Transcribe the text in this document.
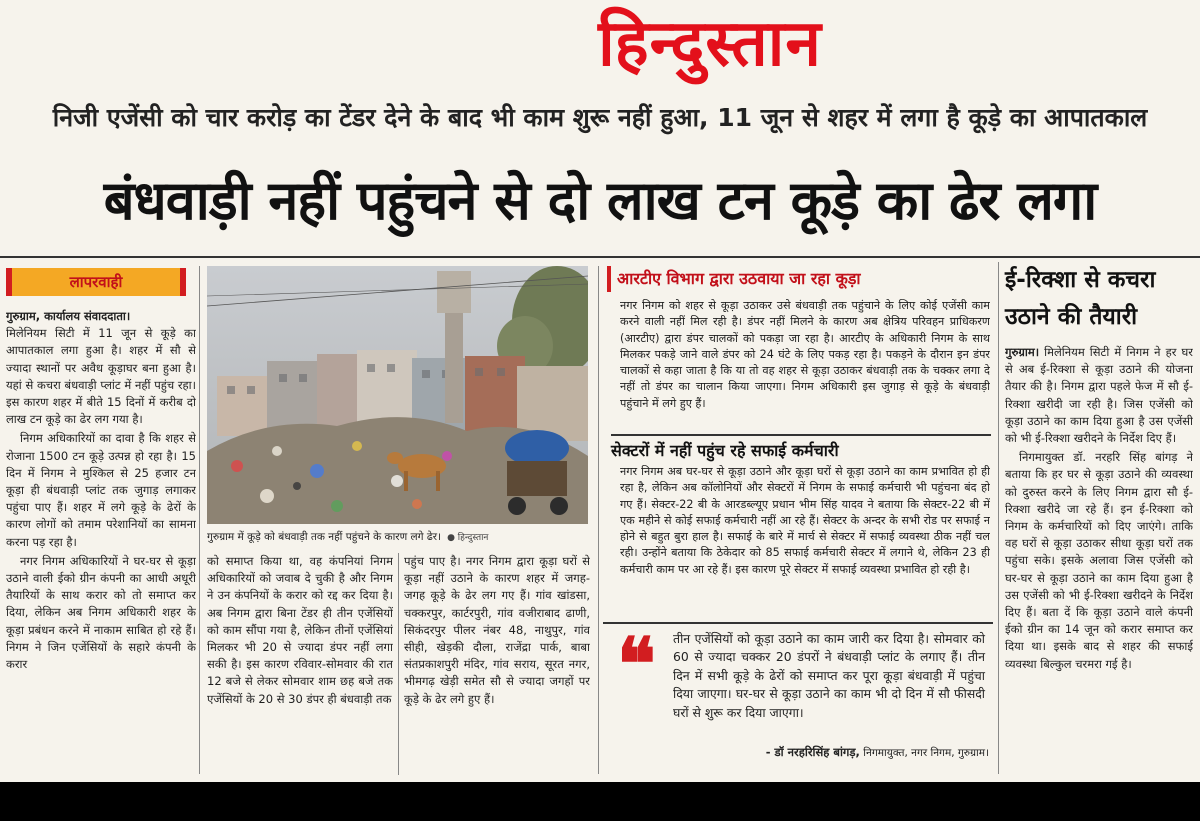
हिन्दुस्तान
निजी एजेंसी को चार करोड़ का टेंडर देने के बाद भी काम शुरू नहीं हुआ, 11 जून से शहर में लगा है कूड़े का आपातकाल
बंधवाड़ी नहीं पहुंचने से दो लाख टन कूड़े का ढेर लगा
लापरवाही

गुरुग्राम, कार्यालय संवाददाता।
मिलेनियम सिटी में 11 जून से कूड़े का आपातकाल लगा हुआ है। शहर में सौ से ज्यादा स्थानों पर अवैध कूड़ाघर बना हुआ है। यहां से कचरा बंधवाड़ी प्लांट में नहीं पहुंच रहा। इस कारण शहर में बीते 15 दिनों में करीब दो लाख टन कूड़े का ढेर लग गया है।

निगम अधिकारियों का दावा है कि शहर से रोजाना 1500 टन कूड़े उत्पन्न हो रहा है। 15 दिन में निगम ने मुश्किल से 25 हजार टन कूड़ा ही बंधवाड़ी प्लांट तक जुगाड़ लगाकर पहुंचा पाए हैं। शहर में लगे कूड़े के ढेरों के कारण लोगों को तमाम परेशानियों का सामना करना पड़ रहा है।

नगर निगम अधिकारियों ने घर-घर से कूड़ा उठाने वाली ईको ग्रीन कंपनी का आधी अधूरी तैयारियों के साथ करार को तो समाप्त कर दिया, लेकिन अब निगम अधिकारी शहर के कूड़ा प्रबंधन करने में नाकाम साबित हो रहे हैं। निगम ने जिन एजेंसियों के सहारे कंपनी के करार

गुरुग्राम में कूड़े को बंधवाड़ी तक नहीं पहुंचने के कारण लगे ढेर। ● हिन्दुस्तान

को समाप्त किया था, वह कंपनियां निगम अधिकारियों को जवाब दे चुकी है और निगम ने उन कंपनियों के करार को रद्द कर दिया है। अब निगम द्वारा बिना टेंडर ही तीन एजेंसियों को काम सौंपा गया है, लेकिन तीनों एजेंसियां मिलकर भी 20 से ज्यादा डंपर नहीं लगा सकी है। इस कारण रविवार-सोमवार की रात 12 बजे से लेकर सोमवार शाम छह बजे तक एजेंसियों के 20 से 30 डंपर ही बंधवाड़ी तक

पहुंच पाए है। नगर निगम द्वारा कूड़ा घरों से कूड़ा नहीं उठाने के कारण शहर में जगह-जगह कूड़े के ढेर लग गए हैं। गांव खांडसा, चक्करपुर, कार्टरपुरी, गांव वजीराबाद ढाणी, सिकंदरपुर पीलर नंबर 48, नाथुपुर, गांव सीही, खेड़की दौला, राजेंद्रा पार्क, बाबा संतप्रकाशपुरी मंदिर, गांव सराय, सूरत नगर, भीमगढ़ खेड़ी समेत सौ से ज्यादा जगहों पर कूड़े के ढेर लगे हुए हैं।

आरटीए विभाग द्वारा उठवाया जा रहा कूड़ा
नगर निगम को शहर से कूड़ा उठाकर उसे बंधवाड़ी तक पहुंचाने के लिए कोई एजेंसी काम करने वाली नहीं मिल रही है। डंपर नहीं मिलने के कारण अब क्षेत्रिय परिवहन प्राधिकरण (आरटीए) द्वारा डंपर चालकों को पकड़ा जा रहा है। आरटीए के अधिकारी निगम के साथ मिलकर पकड़े जाने वाले डंपर को 24 घंटे के लिए पकड़ रहा है। पकड़ने के दौरान इन डंपर चालकों से कहा जाता है कि या तो वह शहर से कूड़ा उठाकर बंधवाड़ी तक के चक्कर लगा दे नहीं तो डंपर का चालान किया जाएगा। निगम अधिकारी इस जुगाड़ से कूड़े के बंधवाड़ी पहुंचाने में लगे हुए हैं।
सेक्टरों में नहीं पहुंच रहे सफाई कर्मचारी
नगर निगम अब घर-घर से कूड़ा उठाने और कूड़ा घरों से कूड़ा उठाने का काम प्रभावित हो ही रहा है, लेकिन अब कॉलोनियों और सेक्टरों में निगम के सफाई कर्मचारी भी पहुंचना बंद हो गए हैं। सेक्टर-22 बी के आरडब्ल्यूए प्रधान भीम सिंह यादव ने बताया कि सेक्टर-22 बी में एक महीने से कोई सफाई कर्मचारी नहीं आ रहे हैं। सेक्टर के अन्दर के सभी रोड पर सफाई न होने से बहुत बुरा हाल है। सफाई के बारे में मार्च से सेक्टर में सफाई व्यवस्था ठीक नहीं चल रही। उन्होंने बताया कि ठेकेदार को 85 सफाई कर्मचारी सेक्टर में लगाने थे, लेकिन 23 ही कर्मचारी काम पर आ रहे हैं। इस कारण पूरे सेक्टर में सफाई व्यवस्था प्रभावित हो रही है।
❝ तीन एजेंसियों को कूड़ा उठाने का काम जारी कर दिया है। सोमवार को 60 से ज्यादा चक्कर 20 डंपरों ने बंधवाड़ी प्लांट के लगाए हैं। तीन दिन में सभी कूड़े के ढेरों को समाप्त कर पूरा कूड़ा बंधवाड़ी में पहुंचा दिया जाएगा। घर-घर से कूड़ा उठाने का काम भी दो दिन में सौ फीसदी घरों से शुरू कर दिया जाएगा।
- डॉ नरहरिसिंह बांगड़, निगमायुक्त, नगर निगम, गुरुग्राम।
ई-रिक्शा से कचरा उठाने की तैयारी

गुरुग्राम। मिलेनियम सिटी में निगम ने हर घर से अब ई-रिक्शा से कूड़ा उठाने की योजना तैयार की है। निगम द्वारा पहले फेज में सौ ई-रिक्शा खरीदी जा रही है। जिस एजेंसी को कूड़ा उठाने का काम दिया हुआ है उस एजेंसी को भी ई-रिक्शा खरीदने के निर्देश दिए हैं।

निगमायुक्त डॉ. नरहरि सिंह बांगड़ ने बताया कि हर घर से कूड़ा उठाने की व्यवस्था को दुरुस्त करने के लिए निगम द्वारा सौ ई-रिक्शा खरीदे जा रहे हैं। इन ई-रिक्शा को निगम के कर्मचारियों को दिए जाएंगे। ताकि वह घरों से कूड़ा उठाकर सीधा कूड़ा घरों तक पहुंचा सके। इसके अलावा जिस एजेंसी को घर-घर से कूड़ा उठाने का काम दिया हुआ है उस एजेंसी को भी ई-रिक्शा खरीदने के निर्देश दिए हैं। बता दें कि कूड़ा उठाने वाले कंपनी ईको ग्रीन का 14 जून को करार समाप्त कर दिया था। इसके बाद से शहर की सफाई व्यवस्था बिल्कुल चरमरा गई है।
